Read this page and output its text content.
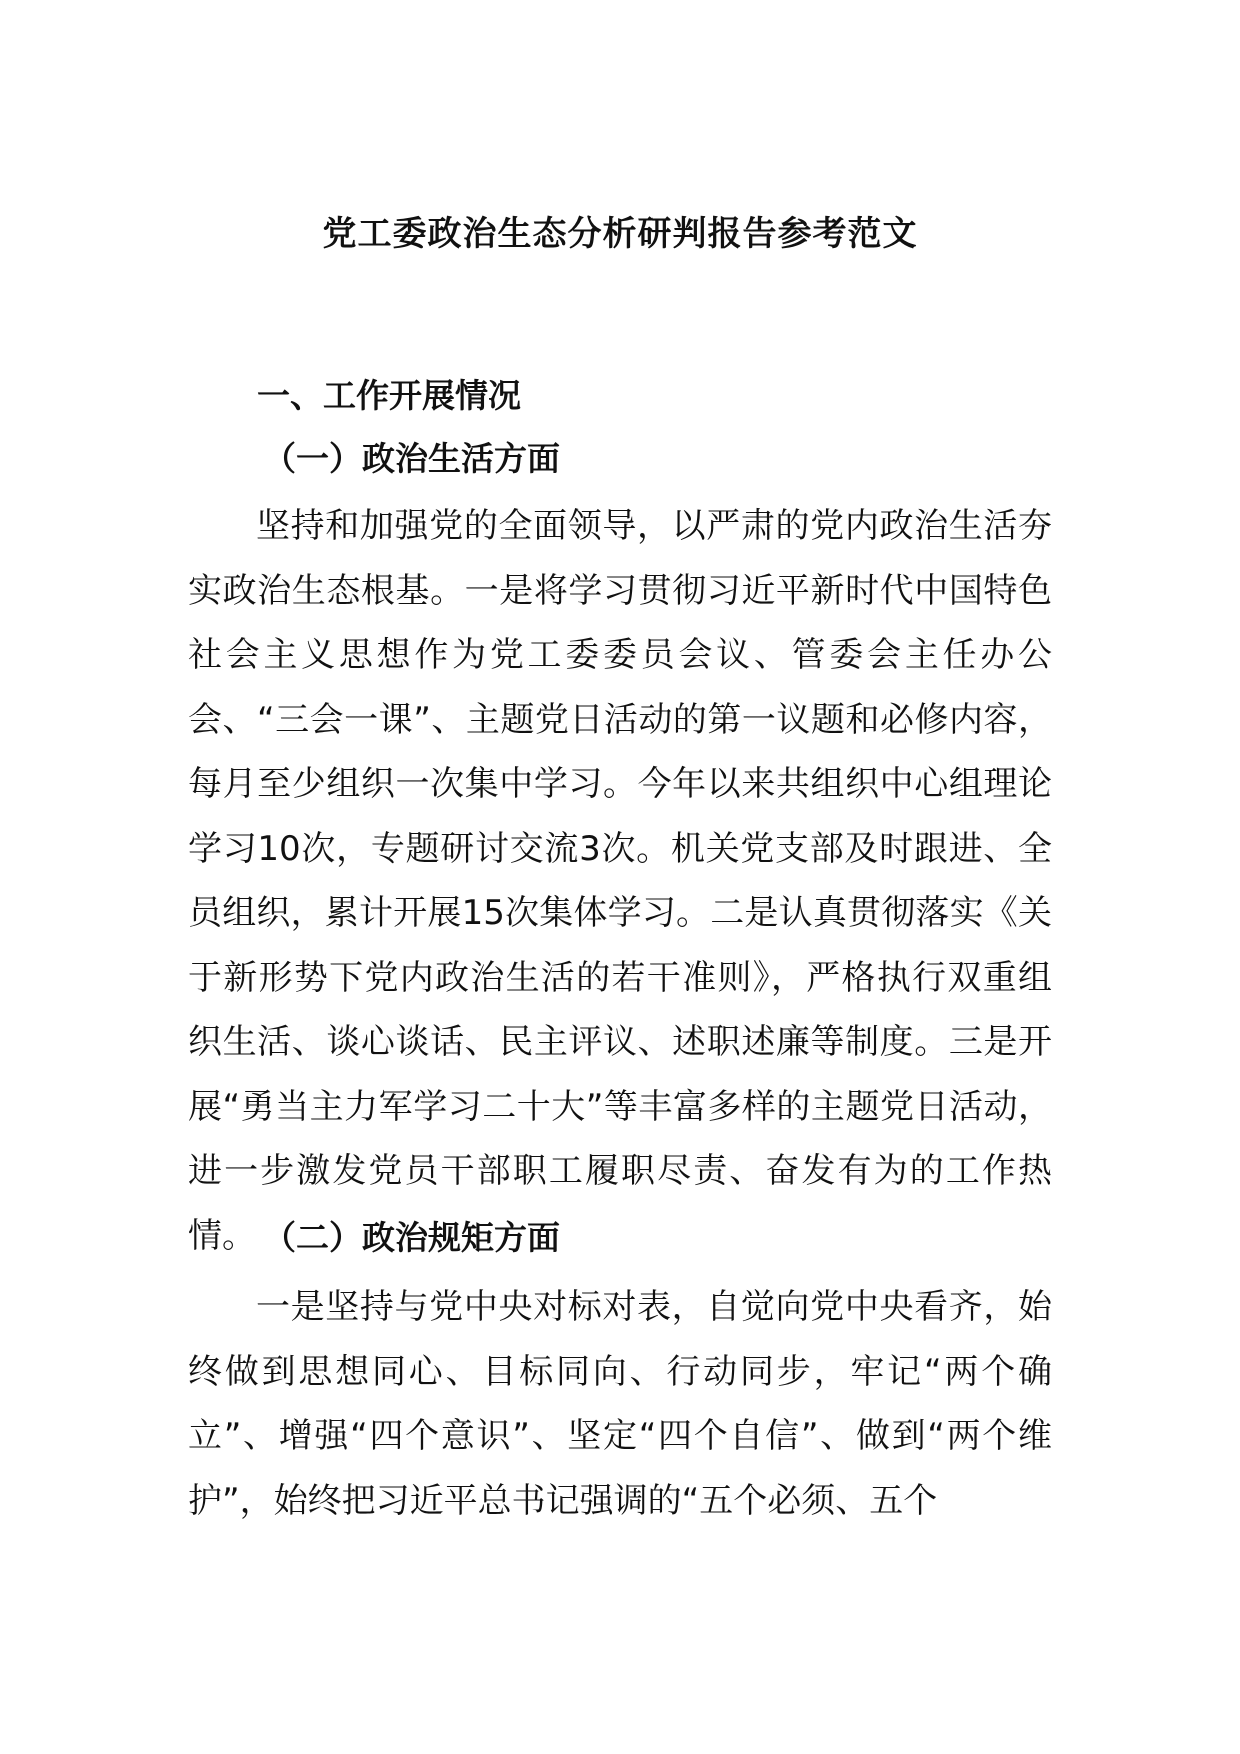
党工委政治生态分析研判报告参考范文
一、工作开展情况
（一）政治生活方面

坚持和加强党的全面领导，以严肃的党内政治生活夯实政治生态根基。一是将学习贯彻习近平新时代中国特色社会主义思想作为党工委委员会议、管委会主任办公会、“三会一课”、主题党日活动的第一议题和必修内容，每月至少组织一次集中学习。今年以来共组织中心组理论学习10次，专题研讨交流3次。机关党支部及时跟进、全员组织，累计开展15次集体学习。二是认真贯彻落实《关于新形势下党内政治生活的若干准则》，严格执行双重组织生活、谈心谈话、民主评议、述职述廉等制度。三是开展“勇当主力军学习二十大”等丰富多样的主题党日活动，进一步激发党员干部职工履职尽责、奋发有为的工作热情。 （二）政治规矩方面

一是坚持与党中央对标对表，自觉向党中央看齐，始终做到思想同心、目标同向、行动同步，牢记“两个确立”、增强“四个意识”、坚定“四个自信”、做到“两个维护”，始终把习近平总书记强调的“五个必须、五个
